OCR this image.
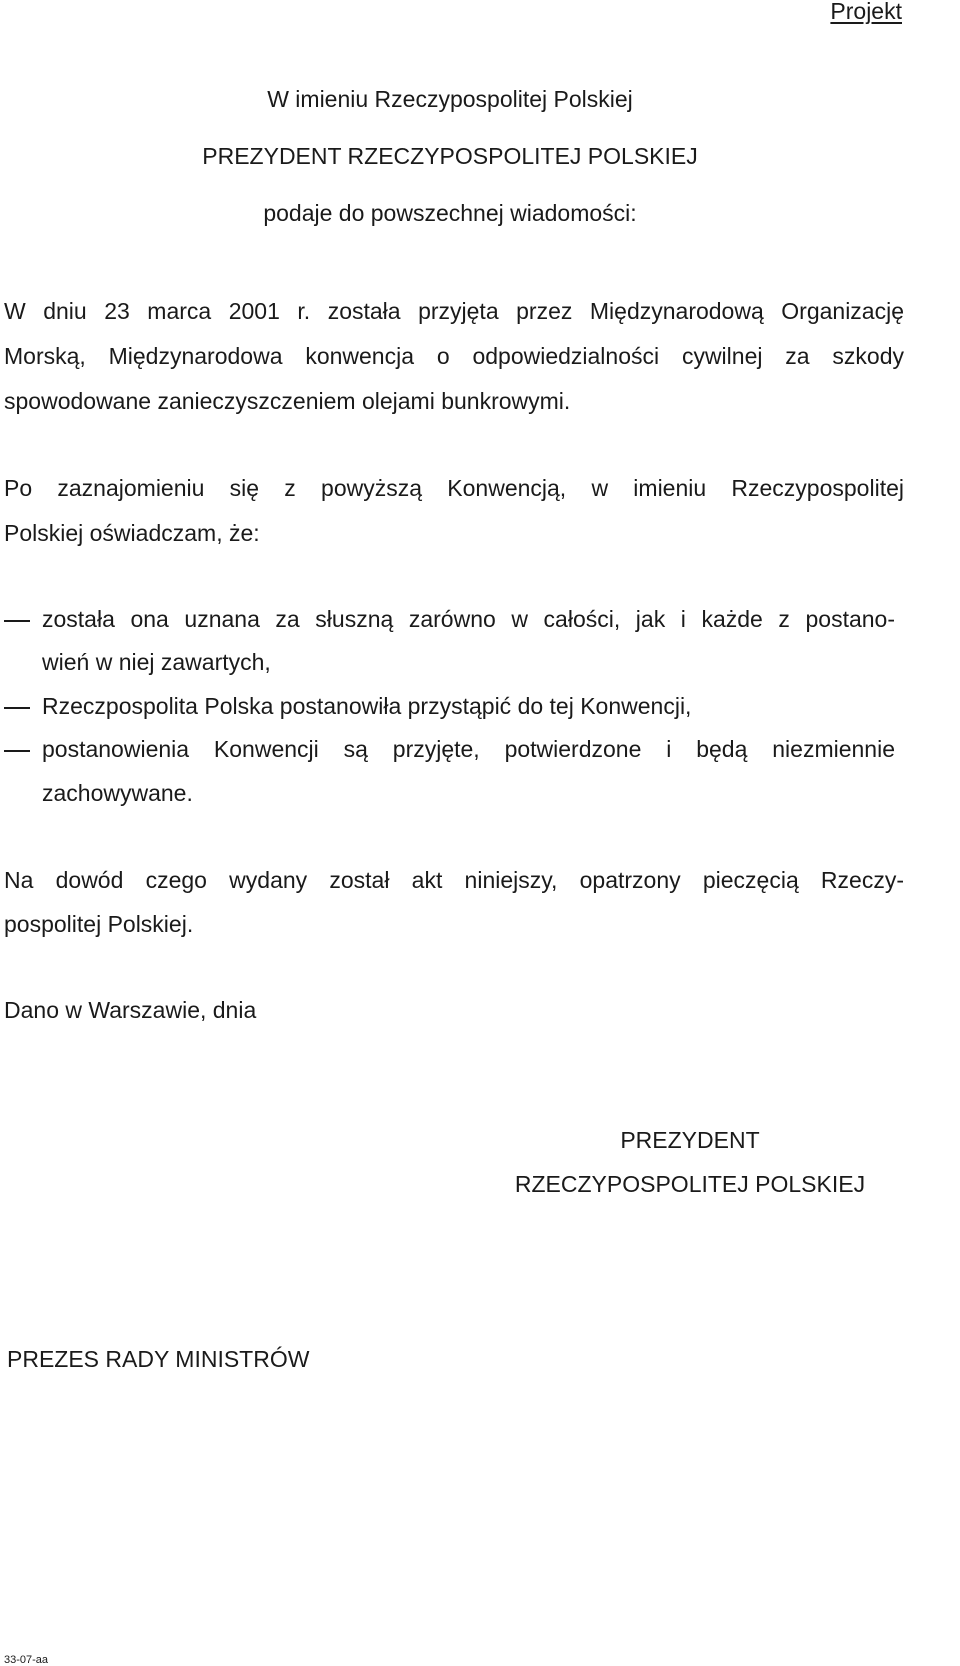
Projekt
W imieniu Rzeczypospolitej Polskiej
PREZYDENT RZECZYPOSPOLITEJ POLSKIEJ
podaje do powszechnej wiadomości:
W dniu 23 marca 2001 r. została przyjęta przez Międzynarodową Organizację
Morską, Międzynarodowa konwencja o odpowiedzialności cywilnej za szkody
spowodowane zanieczyszczeniem olejami bunkrowymi.
Po zaznajomieniu się z powyższą Konwencją, w imieniu Rzeczypospolitej
Polskiej oświadczam, że:
została ona uznana za słuszną zarówno w całości, jak i każde z postano-
wień w niej zawartych,
Rzeczpospolita Polska postanowiła przystąpić do tej Konwencji,
postanowienia Konwencji są przyjęte, potwierdzone i będą niezmiennie
zachowywane.
Na dowód czego wydany został akt niniejszy, opatrzony pieczęcią Rzeczy-
pospolitej Polskiej.
Dano w Warszawie, dnia
PREZYDENT
RZECZYPOSPOLITEJ POLSKIEJ
PREZES RADY MINISTRÓW
33-07-aa
